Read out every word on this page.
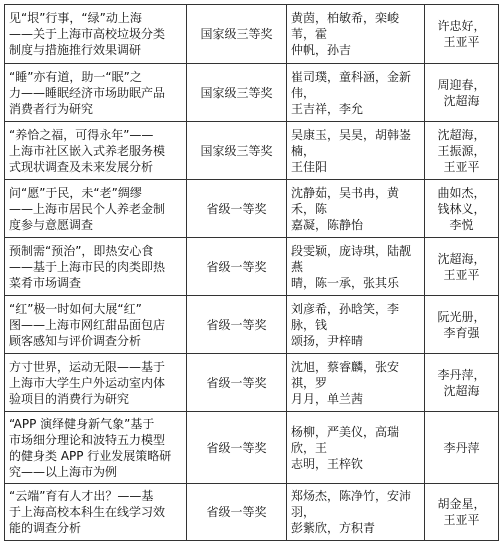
见“垠”行事，“绿”动上海
——关于上海市高校垃圾分类
制度与措施推行效果调研	国家级三等奖	黄茵，柏敏希，栾峻苇，霍
仲帆，孙吉	许忠好，
王亚平

“睡”亦有道，助一“眠”之
力——睡眠经济市场助眠产品
消费者行为研究	国家级三等奖	崔司璞，童科涵，金新伟，
王吉祥，李允	周迎春，
沈超海

“养恰之福，可得永年”——
上海市社区嵌入式养老服务模
式现状调查及未来发展分析	国家级三等奖	吴康玉，吴昊，胡韩崟楠，
王佳阳	沈超海，
王振源，
王亚平

问“愿”于民，未“老”绸缪
——上海市居民个人养老金制
度参与意愿调查	省级一等奖	沈静茹，吴书冉，黄禾，陈
嘉凝，陈静怡	曲如杰，
钱林义，
李悦

预制需“预治”，即热安心食
——基于上海市民的肉类即热
菜肴市场调查	省级一等奖	段雯颖，庞诗琪，陆靓燕
晴，陈一承，张其乐	沈超海，
王亚平

“红”极一时如何大展“红”
图——上海市网红甜品面包店
顾客感知与评价调查分析	省级一等奖	刘彦希，孙晗笑，李脉，钱
颂扬，尹梓晴	阮光册，
李育强

方寸世界，运动无限——基于
上海市大学生户外运动室内体
验项目的消费行为研究	省级一等奖	沈旭，蔡睿麟，张安祺，罗
月月，单兰茜	李丹萍，
沈超海

“APP 演绎健身新气象”基于
市场细分理论和波特五力模型
的健身类 APP 行业发展策略研
究——以上海市为例	省级一等奖	杨柳，严美仪，高瑞欣，王
志明，王梓钦	李丹萍

“云端”育有人才出？——基
于上海高校本科生在线学习效
能的调查分析	省级一等奖	郑炀杰，陈净竹，安沛羽，
彭紫欣，方积青	胡金星，
王亚平
